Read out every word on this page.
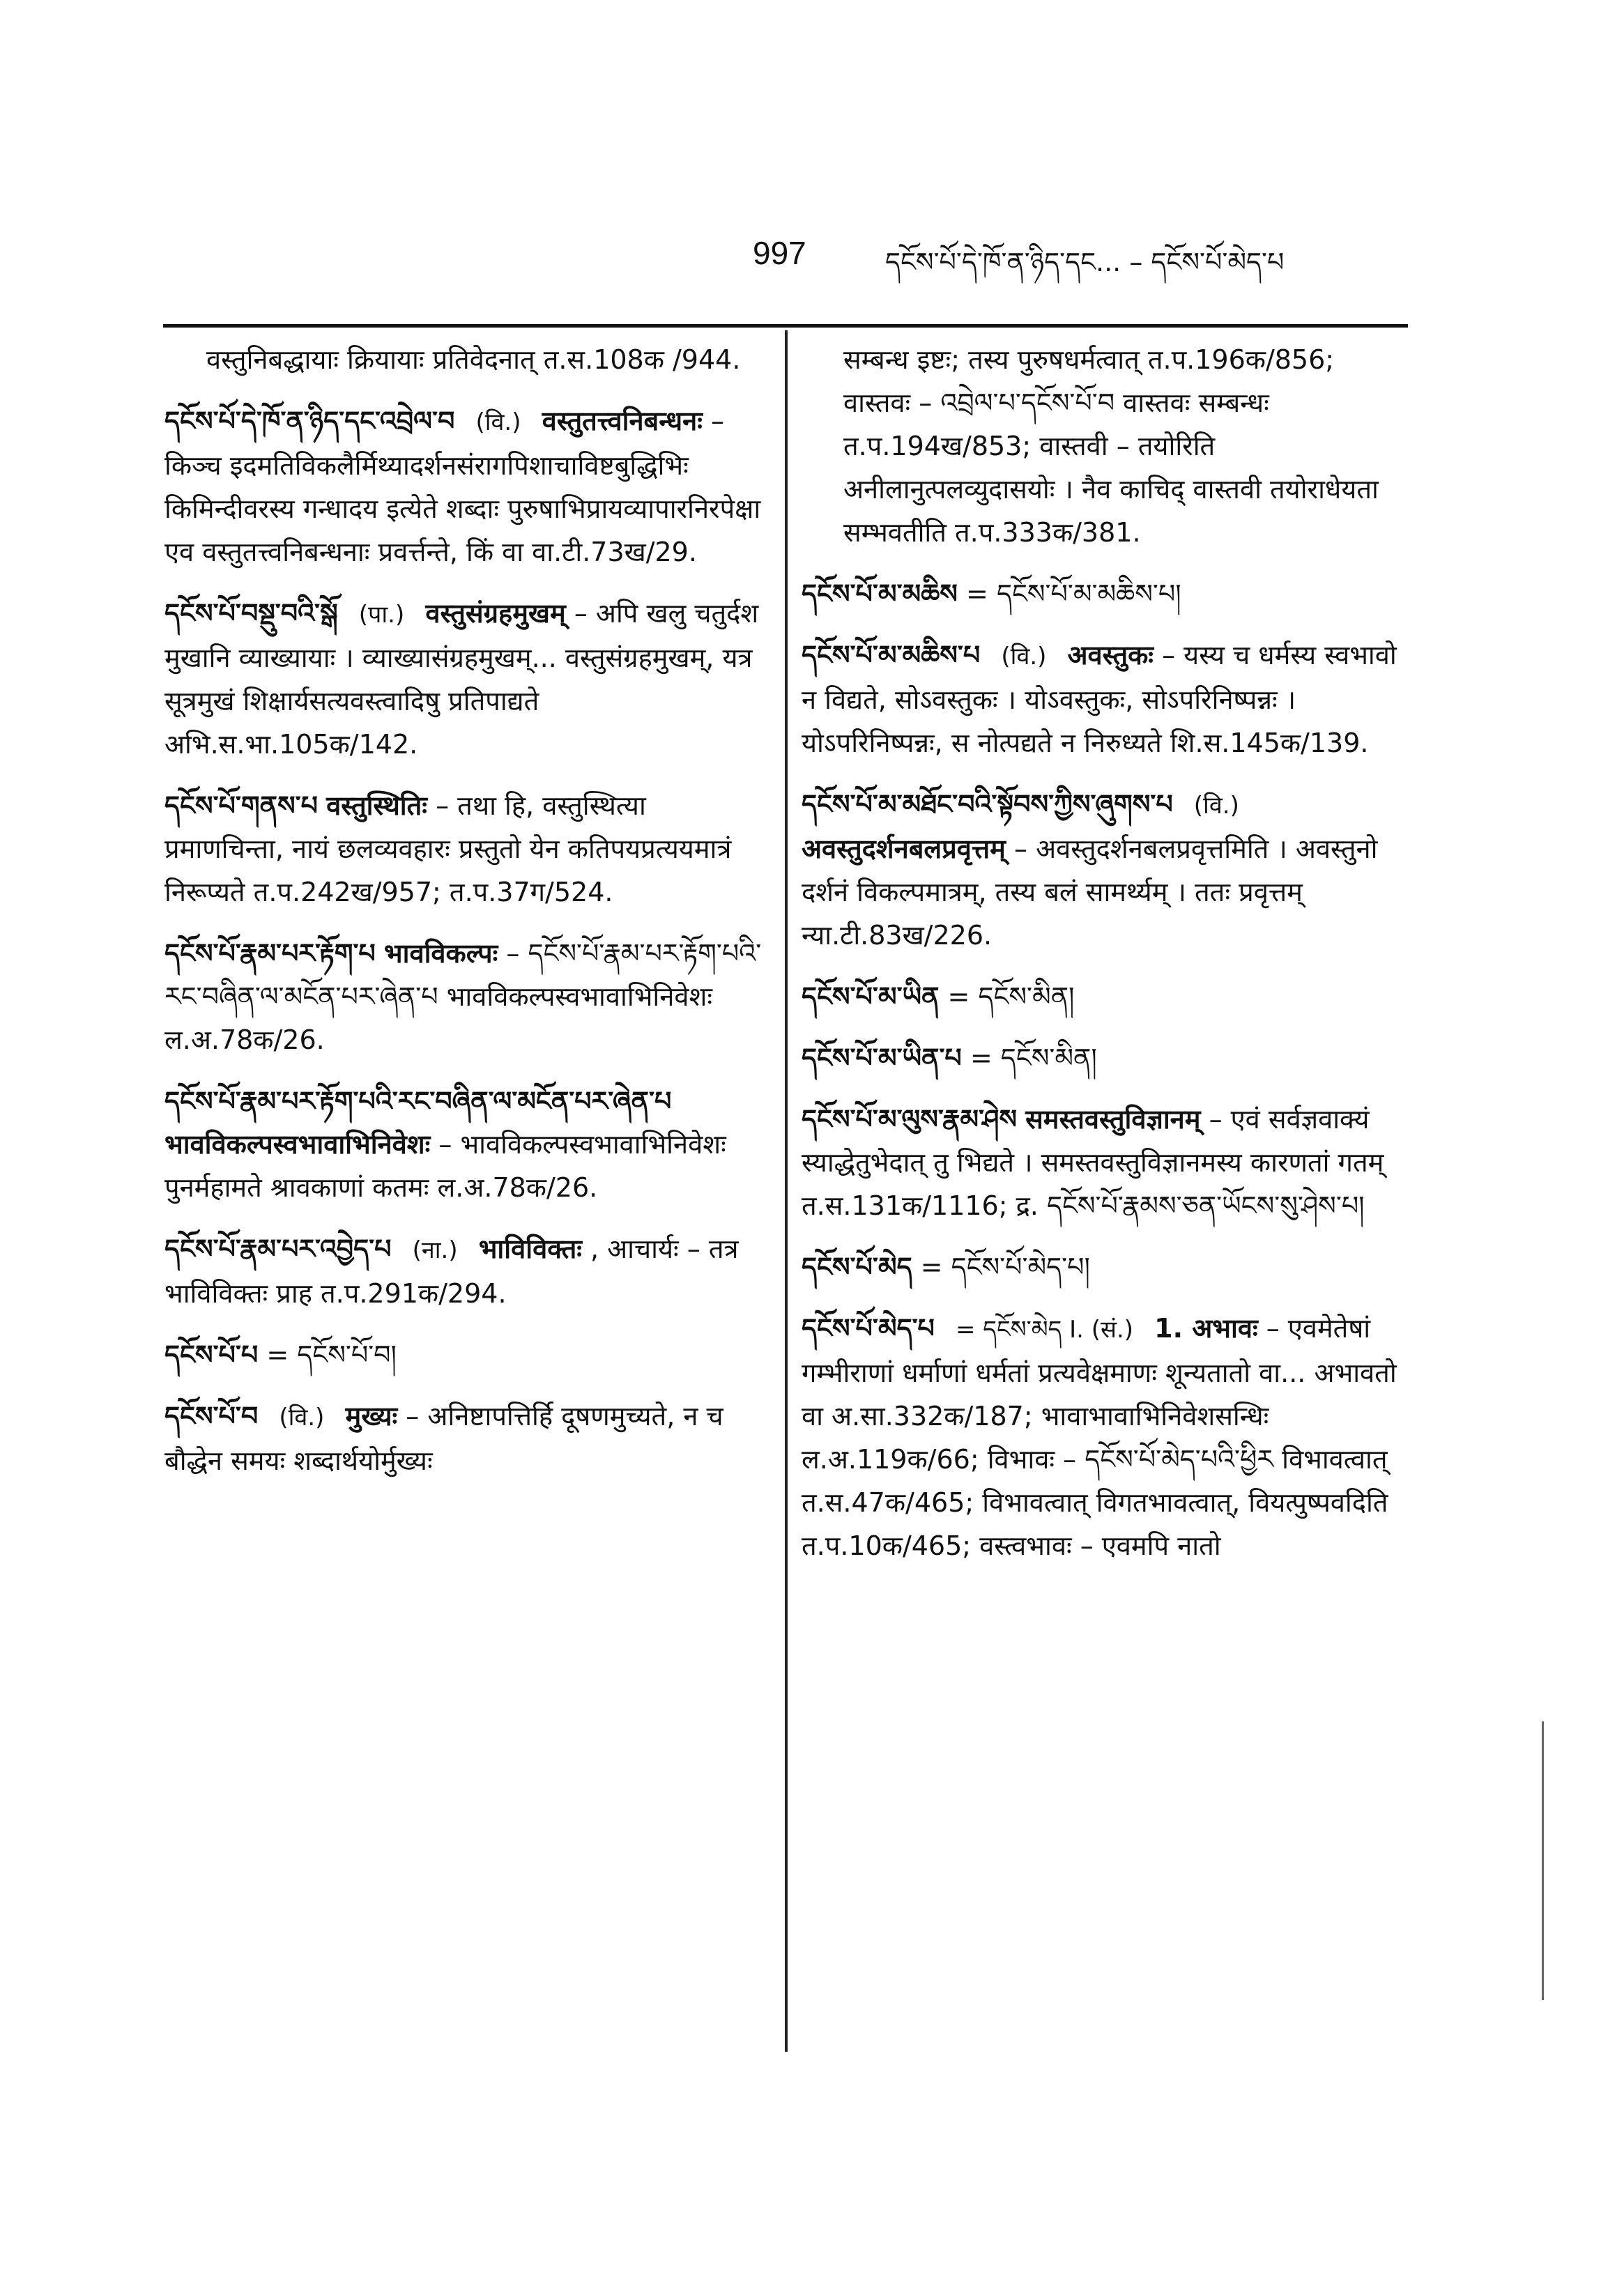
997	དངོས་པོ་དེ་ཁོ་ན་ཉིད་དང... – དངོས་པོ་མེད་པ
वस्तुनिबद्धायाः क्रियायाः प्रतिवेदनात् त.स.108क /944.
དངོས་པོ་དེ་ཁོ་ན་ཉིད་དང་འབྲེལ་བ (वि.) वस्तुतत्त्वनिबन्धनः – किञ्च इदमतिविकलैर्मिथ्यादर्शनसंरागपिशाचाविष्टबुद्धिभिः किमिन्दीवरस्य गन्धादय इत्येते शब्दाः पुरुषाभिप्रायव्यापारनिरपेक्षा एव वस्तुतत्त्वनिबन्धनाः प्रवर्त्तन्ते, किं वा वा.टी.73ख/29.
དངོས་པོ་བསྡུ་བའི་སྒོ (पा.) वस्तुसंग्रहमुखम् – अपि खलु चतुर्दश मुखानि व्याख्यायाः । व्याख्यासंग्रहमुखम्... वस्तुसंग्रहमुखम्, यत्र सूत्रमुखं शिक्षार्यसत्यवस्त्वादिषु प्रतिपाद्यते अभि.स.भा.105क/142.
དངོས་པོ་གནས་པ वस्तुस्थितिः – तथा हि, वस्तुस्थित्या प्रमाणचिन्ता, नायं छलव्यवहारः प्रस्तुतो येन कतिपयप्रत्ययमात्रं निरूप्यते त.प.242ख/957; त.प.37ग/524.
དངོས་པོ་རྣམ་པར་རྟོག་པ भावविकल्पः – དངོས་པོ་རྣམ་པར་རྟོག་པའི་རང་བཞིན་ལ་མངོན་པར་ཞེན་པ भावविकल्पस्वभावाभिनिवेशः ल.अ.78क/26.
དངོས་པོ་རྣམ་པར་རྟོག་པའི་རང་བཞིན་ལ་མངོན་པར་ཞེན་པ भावविकल्पस्वभावाभिनिवेशः – भावविकल्पस्वभावाभिनिवेशः पुनर्महामते श्रावकाणां कतमः ल.अ.78क/26.
དངོས་པོ་རྣམ་པར་འབྱེད་པ (ना.) भाविविक्तः , आचार्यः – तत्र भाविविक्तः प्राह त.प.291क/294.
དངོས་པོ་པ = དངོས་པོ་བ།
དངོས་པོ་བ (वि.) मुख्यः – अनिष्टापत्तिर्हि दूषणमुच्यते, न च बौद्धेन समयः शब्दार्थयोर्मुख्यः
सम्बन्ध इष्टः; तस्य पुरुषधर्मत्वात् त.प.196क/856; वास्तवः – འབྲེལ་པ་དངོས་པོ་བ वास्तवः सम्बन्धः त.प.194ख/853; वास्तवी – तयोरिति अनीलानुत्पलव्युदासयोः । नैव काचिद् वास्तवी तयोराधेयता सम्भवतीति त.प.333क/381.
དངོས་པོ་མ་མཆིས = དངོས་པོ་མ་མཆིས་པ།
དངོས་པོ་མ་མཆིས་པ (वि.) अवस्तुकः – यस्य च धर्मस्य स्वभावो न विद्यते, सोऽवस्तुकः । योऽवस्तुकः, सोऽपरिनिष्पन्नः । योऽपरिनिष्पन्नः, स नोत्पद्यते न निरुध्यते शि.स.145क/139.
དངོས་པོ་མ་མཐོང་བའི་སྟོབས་ཀྱིས་ཞུགས་པ (वि.) अवस्तुदर्शनबलप्रवृत्तम् – अवस्तुदर्शनबलप्रवृत्तमिति । अवस्तुनो दर्शनं विकल्पमात्रम्, तस्य बलं सामर्थ्यम् । ततः प्रवृत्तम् न्या.टी.83ख/226.
དངོས་པོ་མ་ཡིན = དངོས་མིན།
དངོས་པོ་མ་ཡིན་པ = དངོས་མིན།
དངོས་པོ་མ་ལུས་རྣམ་ཤེས समस्तवस्तुविज्ञानम् – एवं सर्वज्ञवाक्यं स्याद्धेतुभेदात् तु भिद्यते । समस्तवस्तुविज्ञानमस्य कारणतां गतम् त.स.131क/1116; द्र. དངོས་པོ་རྣམས་ཅན་ཡོངས་སུ་ཤེས་པ།
དངོས་པོ་མེད = དངོས་པོ་མེད་པ།
དངོས་པོ་མེད་པ = དངོས་མེད I. (सं.) 1. अभावः – एवमेतेषां गम्भीराणां धर्माणां धर्मतां प्रत्यवेक्षमाणः शून्यतातो वा... अभावतो वा अ.सा.332क/187; भावाभावाभिनिवेशसन्धिः ल.अ.119क/66; विभावः – དངོས་པོ་མེད་པའི་ཕྱིར विभावत्वात् त.स.47क/465; विभावत्वात् विगतभावत्वात्, वियत्पुष्पवदिति त.प.10क/465; वस्त्वभावः – एवमपि नातो
